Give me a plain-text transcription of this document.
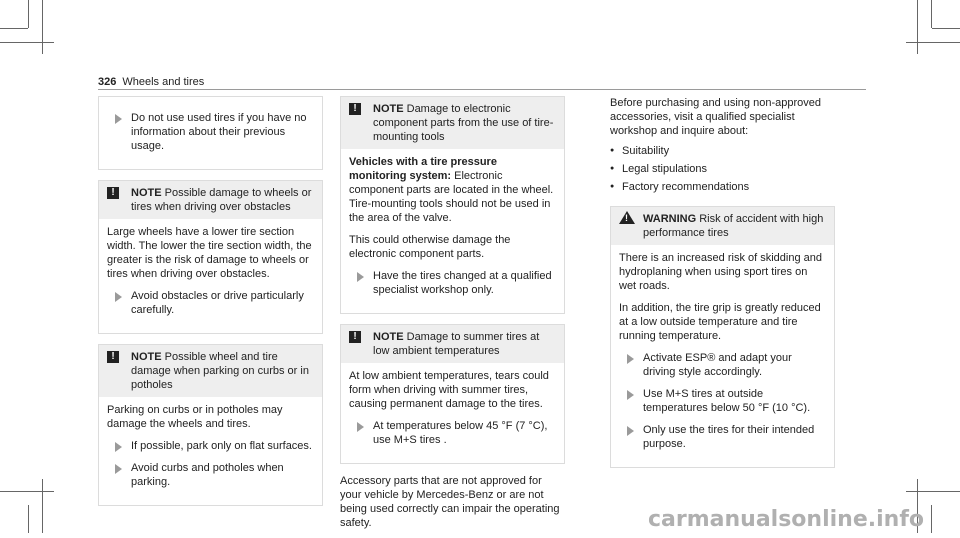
326 Wheels and tires
Do not use used tires if you have no information about their previous usage.
!	NOTE Possible damage to wheels or tires when driving over obstacles
Large wheels have a lower tire section width. The lower the tire section width, the greater is the risk of damage to wheels or tires when driving over obstacles.
Avoid obstacles or drive particularly carefully.
!	NOTE Possible wheel and tire damage when parking on curbs or in potholes
Parking on curbs or in potholes may damage the wheels and tires.
If possible, park only on flat surfaces.
Avoid curbs and potholes when parking.
!	NOTE Damage to electronic component parts from the use of tire-mounting tools
Vehicles with a tire pressure monitoring system: Electronic component parts are located in the wheel. Tire-mounting tools should not be used in the area of the valve.
This could otherwise damage the electronic component parts.
Have the tires changed at a qualified specialist workshop only.
!	NOTE Damage to summer tires at low ambient temperatures
At low ambient temperatures, tears could form when driving with summer tires, causing permanent damage to the tires.
At temperatures below 45 °F (7 °C), use M+S tires .
Accessory parts that are not approved for your vehicle by Mercedes-Benz or are not being used correctly can impair the operating safety.
Before purchasing and using non-approved accessories, visit a qualified specialist workshop and inquire about:
● Suitability
● Legal stipulations
● Factory recommendations
! WARNING Risk of accident with high performance tires
There is an increased risk of skidding and hydroplaning when using sport tires on wet roads.
In addition, the tire grip is greatly reduced at a low outside temperature and tire running temperature.
Activate ESP® and adapt your driving style accordingly.
Use M+S tires at outside temperatures below 50 °F (10 °C).
Only use the tires for their intended purpose.
carmanualsonline.info
